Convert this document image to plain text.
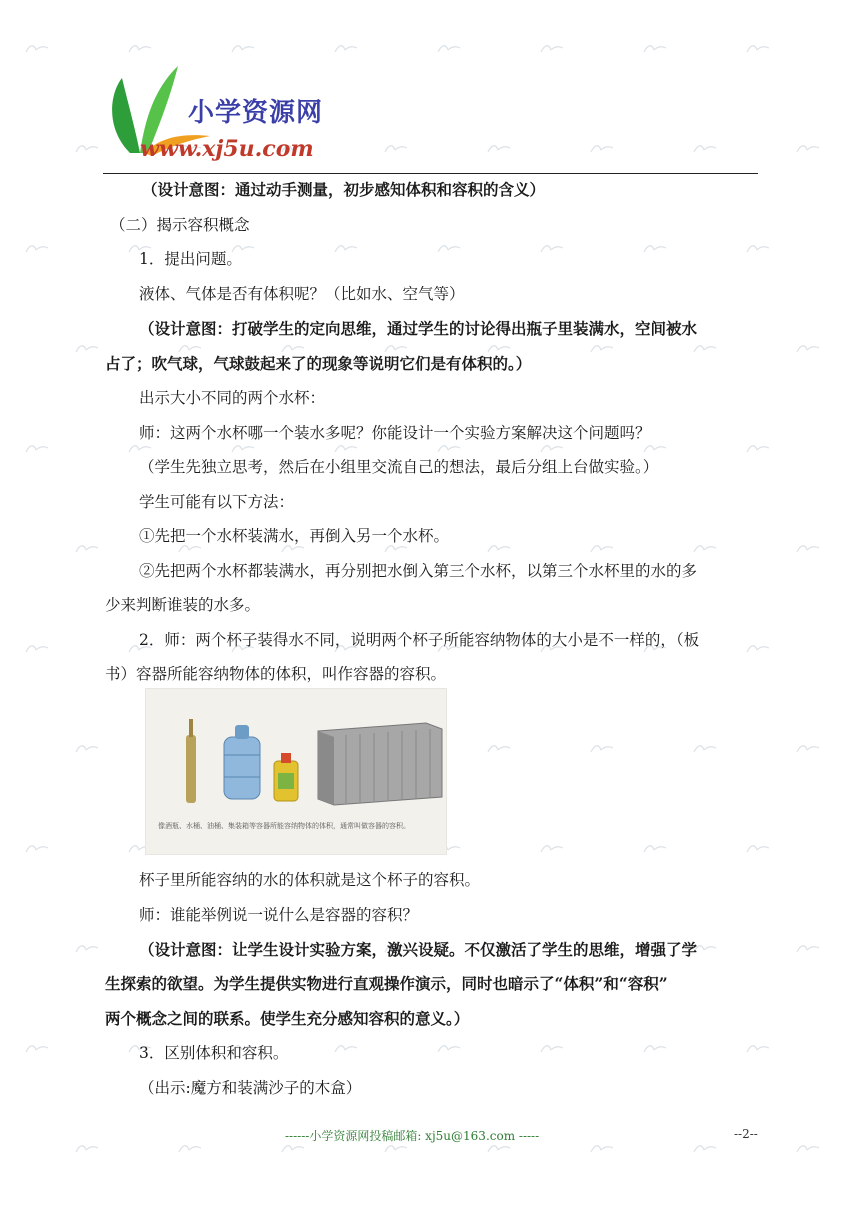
小学资源网
www.xj5u.com
（设计意图：通过动手测量，初步感知体积和容积的含义）
（二）揭示容积概念
1．提出问题。
液体、气体是否有体积呢？（比如水、空气等）
（设计意图：打破学生的定向思维，通过学生的讨论得出瓶子里装满水，空间被水
占了；吹气球，气球鼓起来了的现象等说明它们是有体积的。）
出示大小不同的两个水杯：
师：这两个水杯哪一个装水多呢？你能设计一个实验方案解决这个问题吗？
（学生先独立思考，然后在小组里交流自己的想法，最后分组上台做实验。）
学生可能有以下方法：
①先把一个水杯装满水，再倒入另一个水杯。
②先把两个水杯都装满水，再分别把水倒入第三个水杯，以第三个水杯里的水的多
少来判断谁装的水多。
2．师：两个杯子装得水不同，说明两个杯子所能容纳物体的大小是不一样的，（板
书）容器所能容纳物体的体积，叫作容器的容积。
像酒瓶、水桶、油桶、集装箱等容器所能容纳物体的体积，通常叫做容器的容积。
杯子里所能容纳的水的体积就是这个杯子的容积。
师：谁能举例说一说什么是容器的容积？
（设计意图：让学生设计实验方案，激兴设疑。不仅激活了学生的思维，增强了学
生探索的欲望。为学生提供实物进行直观操作演示，同时也暗示了“体积”和“容积”
两个概念之间的联系。使学生充分感知容积的意义。）
3．区别体积和容积。
（出示:魔方和装满沙子的木盒）
------小学资源网投稿邮箱: xj5u@163.com -----	--2--
